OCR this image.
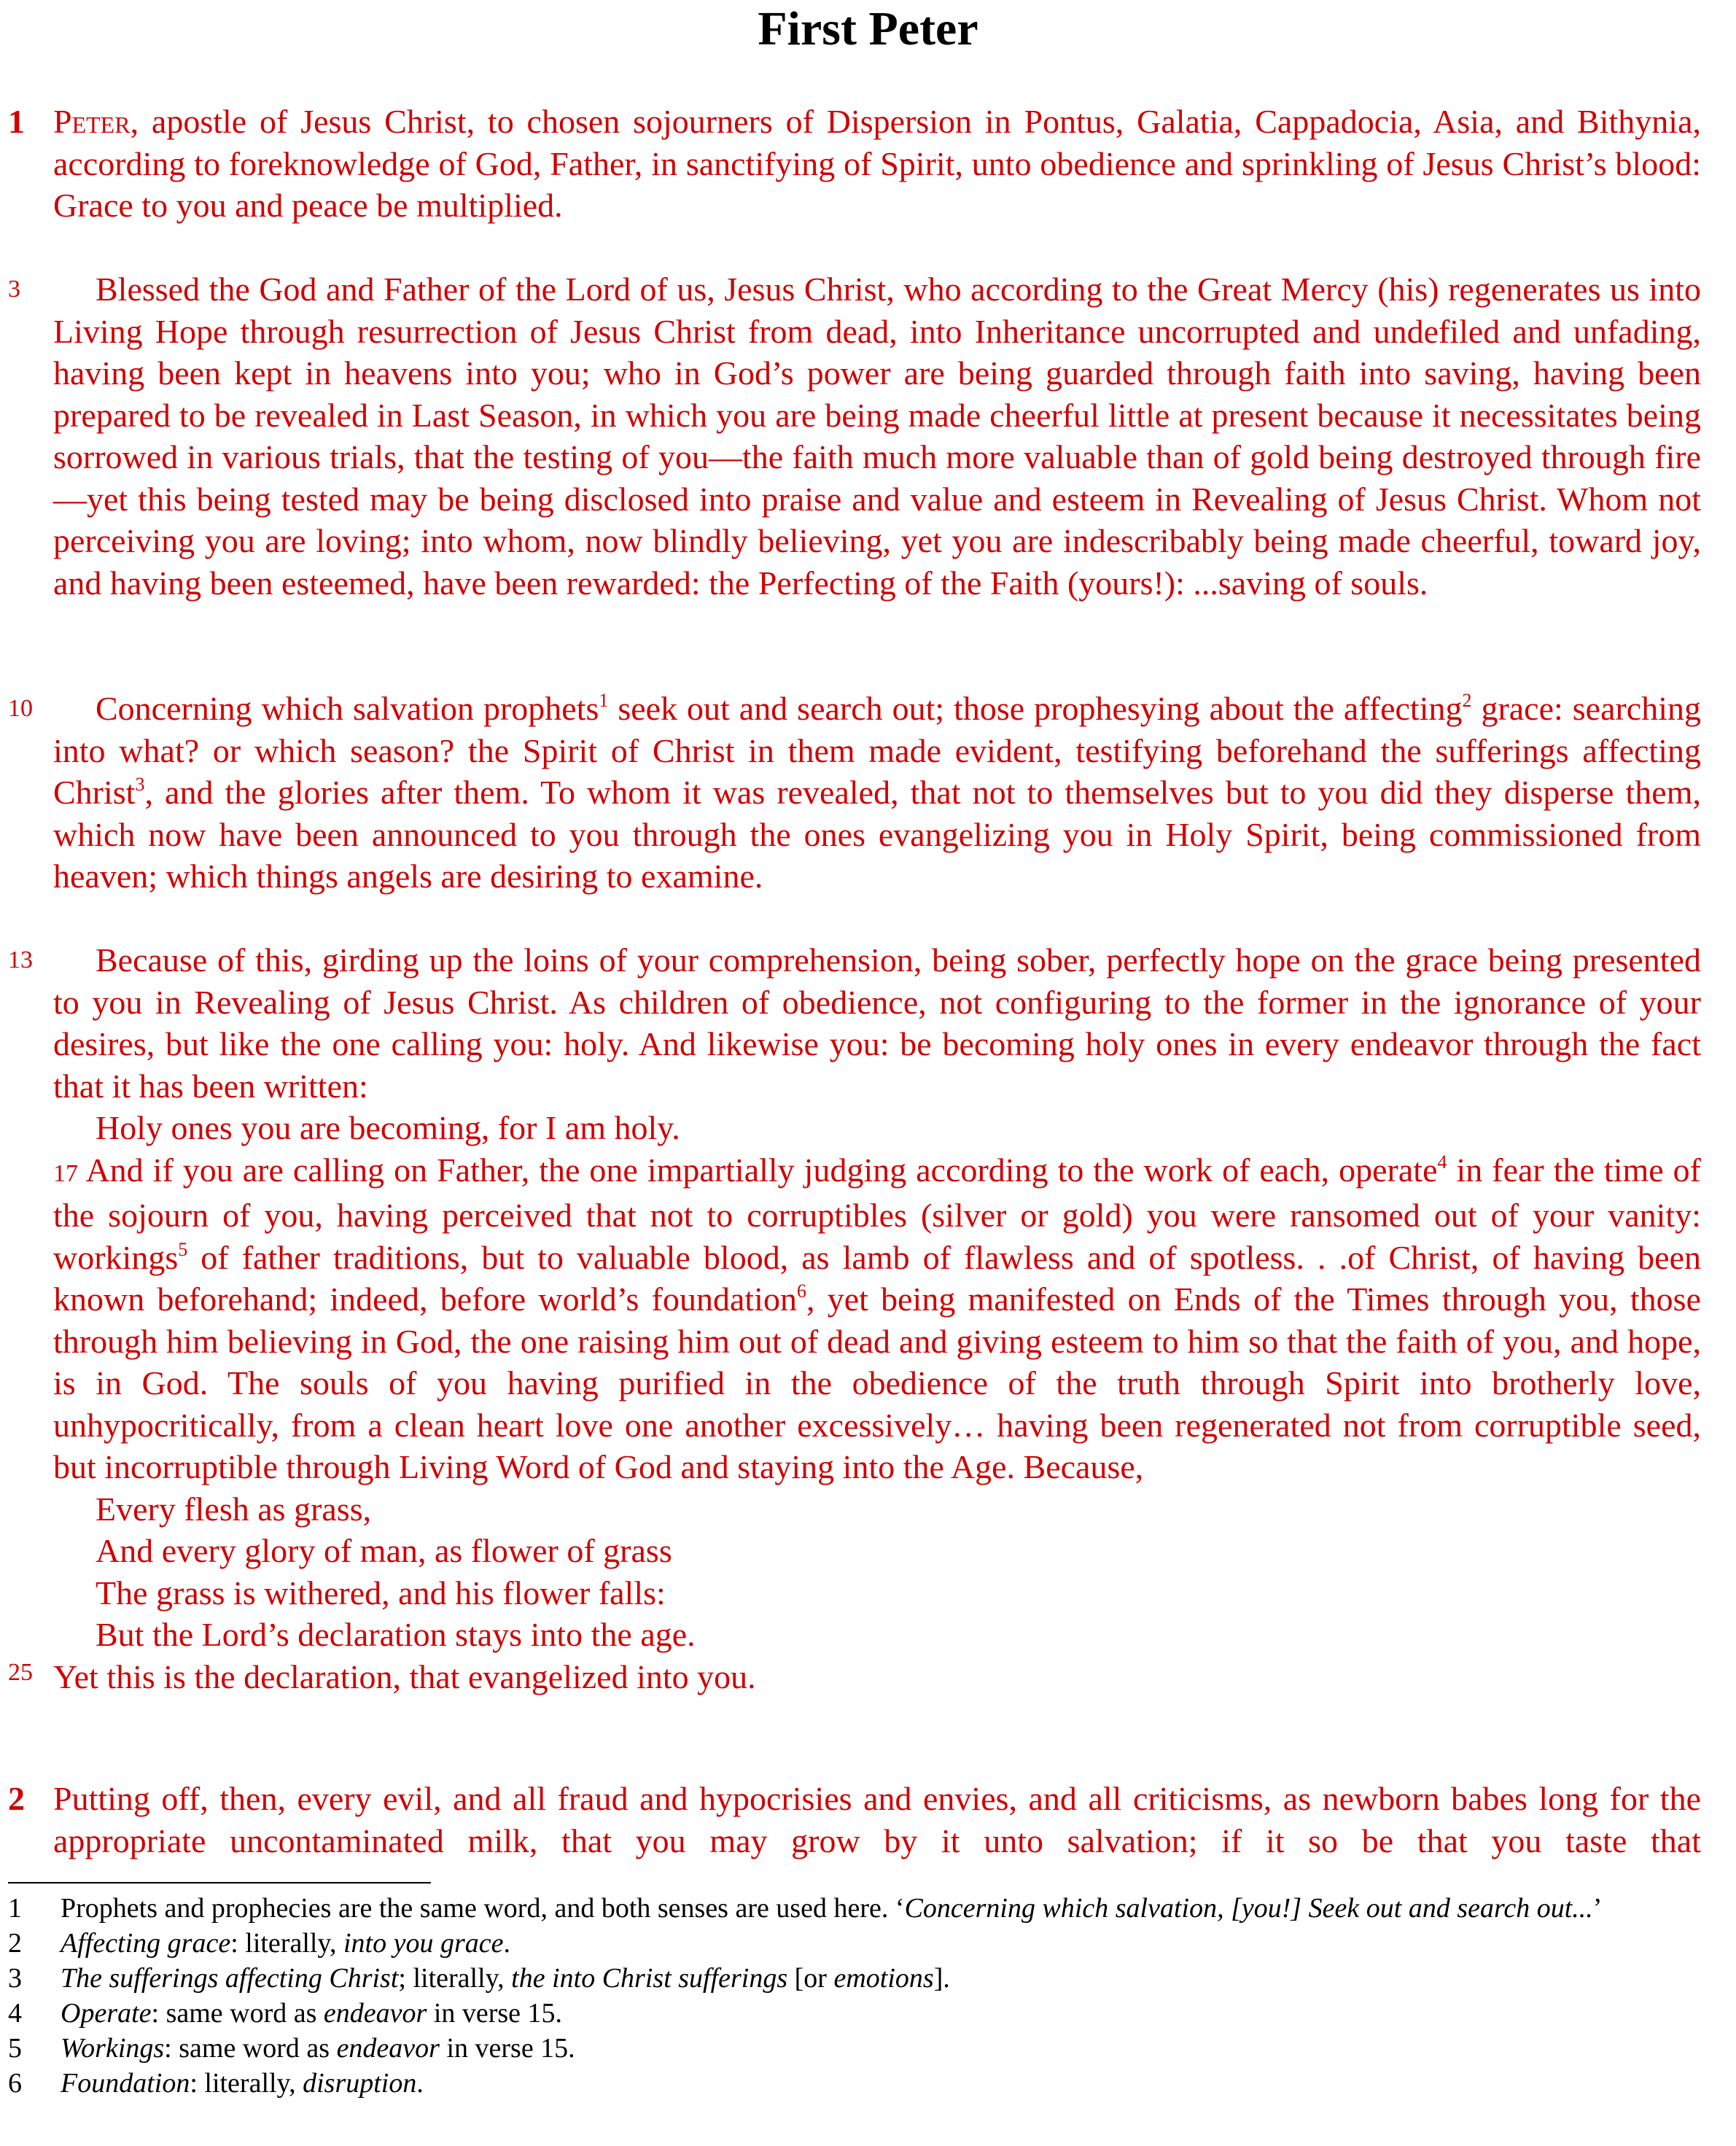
First Peter
1 Peter, apostle of Jesus Christ, to chosen sojourners of Dispersion in Pontus, Galatia, Cappadocia, Asia, and Bithynia, according to foreknowledge of God, Father, in sanctifying of Spirit, unto obedience and sprinkling of Jesus Christ’s blood: Grace to you and peace be multiplied.
3	Blessed the God and Father of the Lord of us, Jesus Christ, who according to the Great Mercy (his) regenerates us into Living Hope through resurrection of Jesus Christ from dead, into Inheritance uncorrupted and undefiled and unfading, having been kept in heavens into you; who in God’s power are being guarded through faith into saving, having been prepared to be revealed in Last Season, in which you are being made cheerful little at present because it necessitates being sorrowed in various trials, that the testing of you—the faith much more valuable than of gold being destroyed through fire—yet this being tested may be being disclosed into praise and value and esteem in Revealing of Jesus Christ. Whom not perceiving you are loving; into whom, now blindly believing, yet you are indescribably being made cheerful, toward joy, and having been esteemed, have been rewarded: the Perfecting of the Faith (yours!): ...saving of souls.
10	Concerning which salvation prophets$^1$ seek out and search out; those prophesying about the affecting$^2$ grace: searching into what? or which season? the Spirit of Christ in them made evident, testifying beforehand the sufferings affecting Christ$^3$, and the glories after them. To whom it was revealed, that not to themselves but to you did they disperse them, which now have been announced to you through the ones evangelizing you in Holy Spirit, being commissioned from heaven; which things angels are desiring to examine.
13	Because of this, girding up the loins of your comprehension, being sober, perfectly hope on the grace being presented to you in Revealing of Jesus Christ. As children of obedience, not configuring to the former in the ignorance of your desires, but like the one calling you: holy. And likewise you: be becoming holy ones in every endeavor through the fact that it has been written:
Holy ones you are becoming, for I am holy.
17 And if you are calling on Father, the one impartially judging according to the work of each, operate$^4$ in fear the time of the sojourn of you, having perceived that not to corruptibles (silver or gold) you were ransomed out of your vanity: workings$^5$ of father traditions, but to valuable blood, as lamb of flawless and of spotless. . .of Christ, of having been known beforehand; indeed, before world’s foundation$^6$, yet being manifested on Ends of the Times through you, those through him believing in God, the one raising him out of dead and giving esteem to him so that the faith of you, and hope, is in God. The souls of you having purified in the obedience of the truth through Spirit into brotherly love, unhypocritically, from a clean heart love one another excessively… having been regenerated not from corruptible seed, but incorruptible through Living Word of God and staying into the Age. Because,
Every flesh as grass,
And every glory of man, as flower of grass
The grass is withered, and his flower falls:
But the Lord’s declaration stays into the age.
Yet this is the declaration, that evangelized into you.
25
2 Putting off, then, every evil, and all fraud and hypocrisies and envies, and all criticisms, as newborn babes long for the appropriate uncontaminated milk, that you may grow by it unto salvation; if it so be that you taste that
1 Prophets and prophecies are the same word, and both senses are used here. ‘Concerning which salvation, [you!] Seek out and search out...’
2 Affecting grace: literally, into you grace.
3 The sufferings affecting Christ; literally, the into Christ sufferings [or emotions].
4 Operate: same word as endeavor in verse 15.
5 Workings: same word as endeavor in verse 15.
6 Foundation: literally, disruption.
